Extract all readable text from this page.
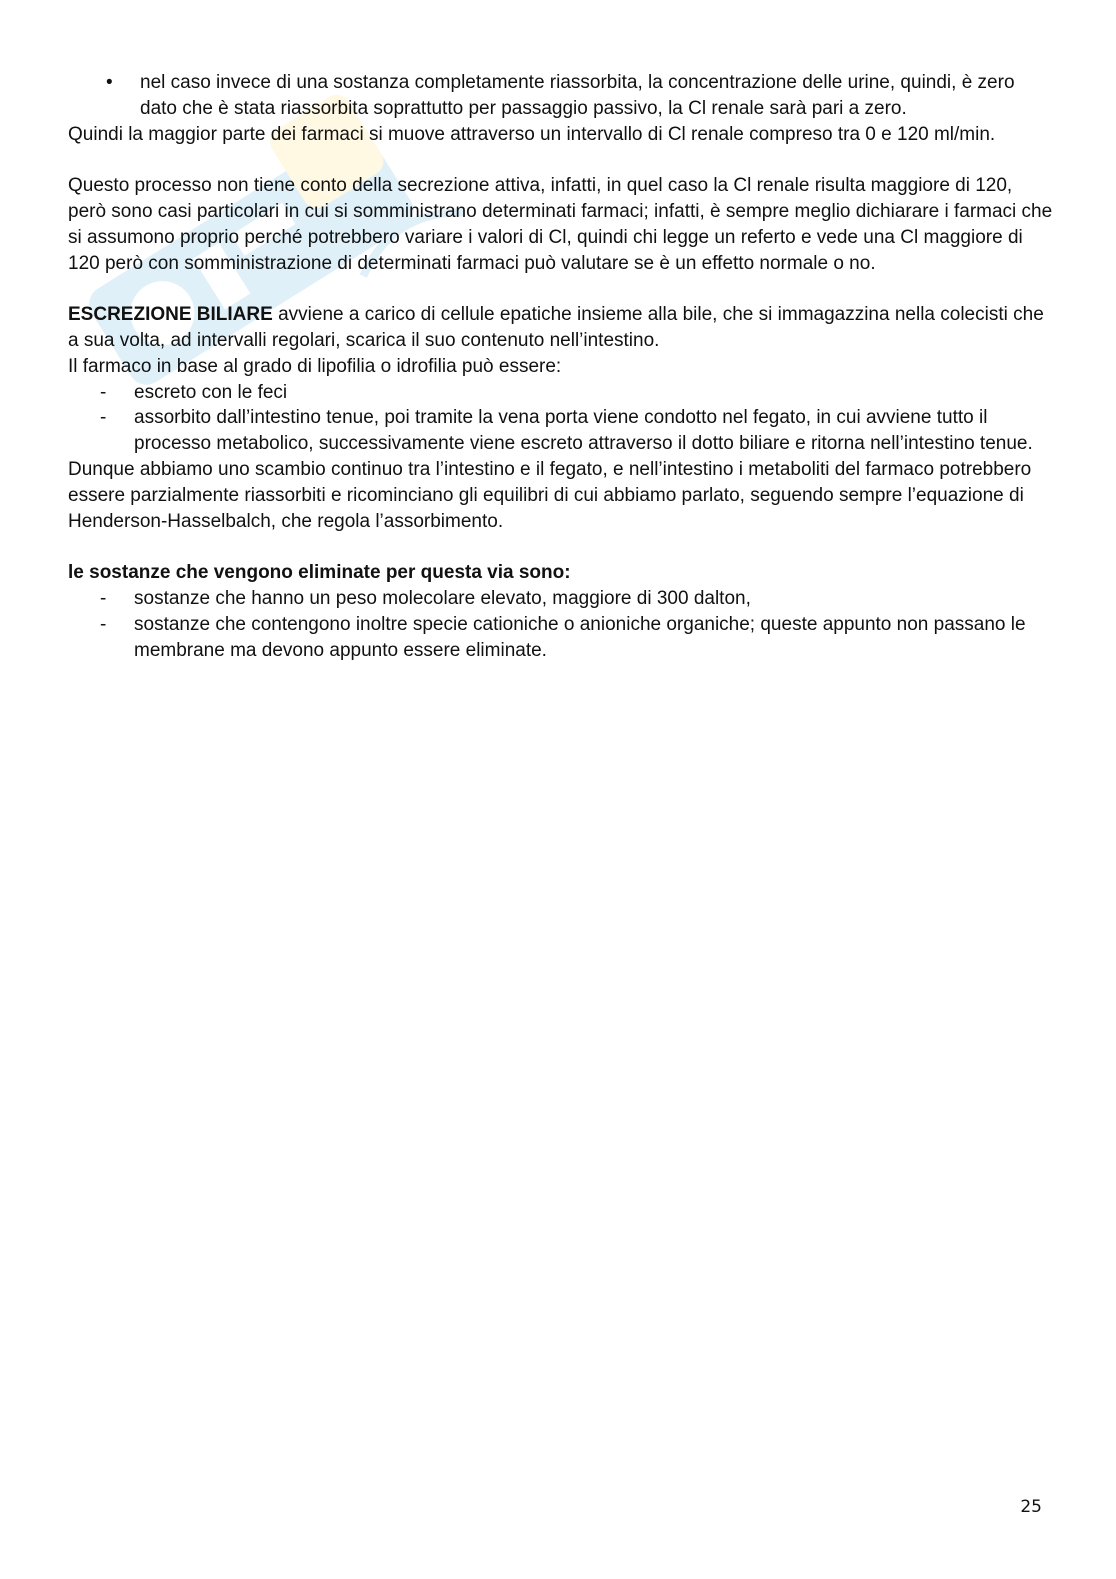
• nel caso invece di una sostanza completamente riassorbita, la concentrazione delle urine, quindi, è zero dato che è stata riassorbita soprattutto per passaggio passivo, la Cl renale sarà pari a zero.

Quindi la maggior parte dei farmaci si muove attraverso un intervallo di Cl renale compreso tra 0 e 120 ml/min.

Questo processo non tiene conto della secrezione attiva, infatti, in quel caso la Cl renale risulta maggiore di 120, però sono casi particolari in cui si somministrano determinati farmaci; infatti, è sempre meglio dichiarare i farmaci che si assumono proprio perché potrebbero variare i valori di Cl, quindi chi legge un referto e vede una Cl maggiore di 120 però con somministrazione di determinati farmaci può valutare se è un effetto normale o no.

ESCREZIONE BILIARE avviene a carico di cellule epatiche insieme alla bile, che si immagazzina nella colecisti che a sua volta, ad intervalli regolari, scarica il suo contenuto nell’intestino.

Il farmaco in base al grado di lipofilia o idrofilia può essere:

- escreto con le feci

- assorbito dall’intestino tenue, poi tramite la vena porta viene condotto nel fegato, in cui avviene tutto il processo metabolico, successivamente viene escreto attraverso il dotto biliare e ritorna nell’intestino tenue.

Dunque abbiamo uno scambio continuo tra l’intestino e il fegato, e nell’intestino i metaboliti del farmaco potrebbero essere parzialmente riassorbiti e ricominciano gli equilibri di cui abbiamo parlato, seguendo sempre l’equazione di Henderson-Hasselbalch, che regola l’assorbimento.

le sostanze che vengono eliminate per questa via sono:

- sostanze che hanno un peso molecolare elevato, maggiore di 300 dalton,

- sostanze che contengono inoltre specie cationiche o anioniche organiche; queste appunto non passano le membrane ma devono appunto essere eliminate.

25
